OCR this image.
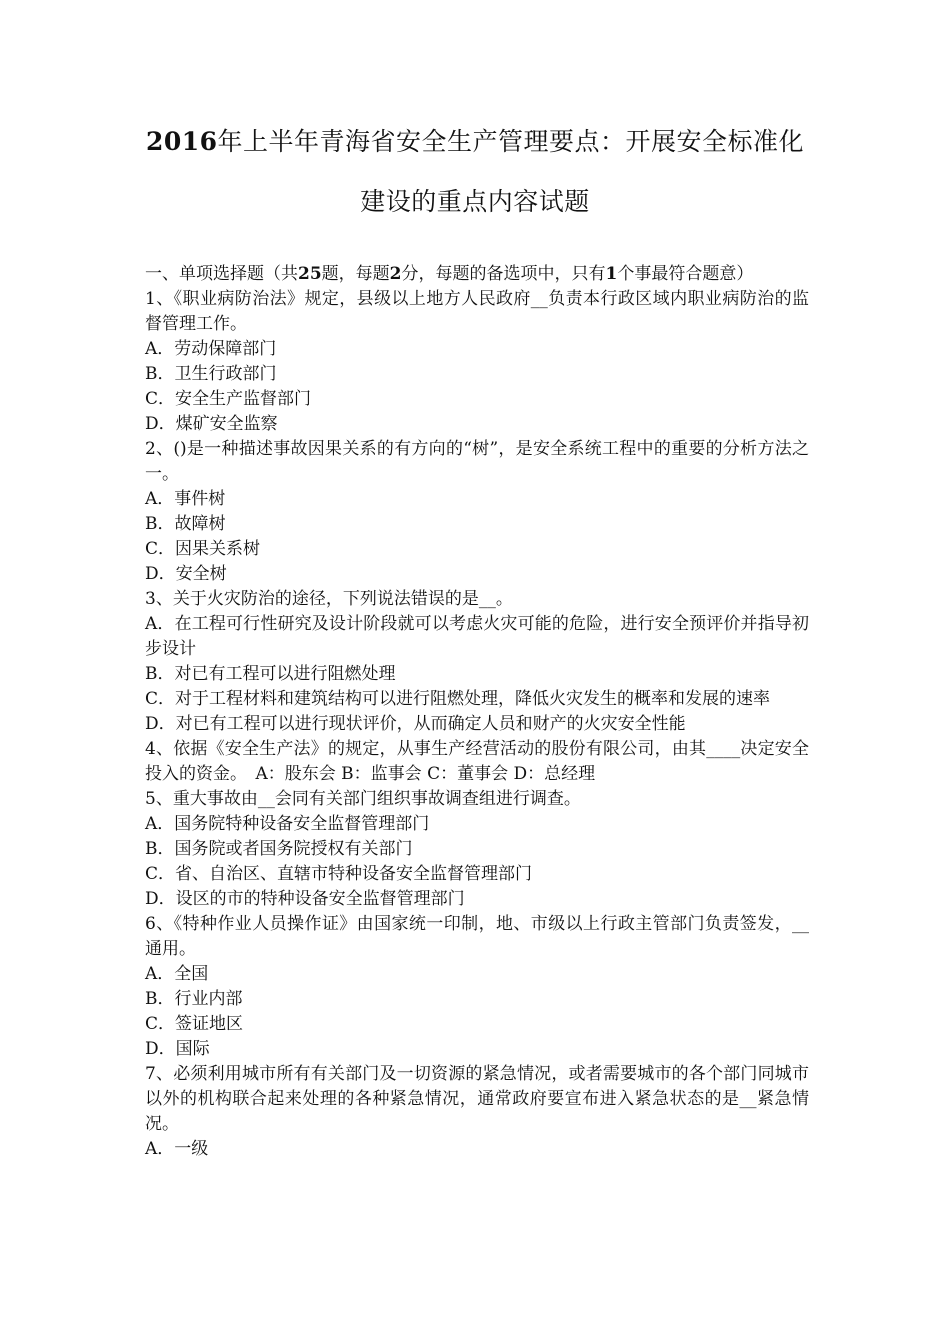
2016年上半年青海省安全生产管理要点：开展安全标准化
建设的重点内容试题

一、单项选择题（共25题，每题2分，每题的备选项中，只有1个事最符合题意）

1、《职业病防治法》规定，县级以上地方人民政府__负责本行政区域内职业病防治的监督管理工作。

A．劳动保障部门

B．卫生行政部门

C．安全生产监督部门

D．煤矿安全监察

2、()是一种描述事故因果关系的有方向的“树”，是安全系统工程中的重要的分析方法之一。

A．事件树

B．故障树

C．因果关系树

D．安全树

3、关于火灾防治的途径，下列说法错误的是__。

A．在工程可行性研究及设计阶段就可以考虑火灾可能的危险，进行安全预评价并指导初步设计

B．对已有工程可以进行阻燃处理

C．对于工程材料和建筑结构可以进行阻燃处理，降低火灾发生的概率和发展的速率

D．对已有工程可以进行现状评价，从而确定人员和财产的火灾安全性能

4、依据《安全生产法》的规定，从事生产经营活动的股份有限公司，由其____决定安全投入的资金。　A：股东会 B：监事会 C：董事会 D：总经理

5、重大事故由__会同有关部门组织事故调查组进行调查。

A．国务院特种设备安全监督管理部门

B．国务院或者国务院授权有关部门

C．省、自治区、直辖市特种设备安全监督管理部门

D．设区的市的特种设备安全监督管理部门

6、《特种作业人员操作证》由国家统一印制，地、市级以上行政主管部门负责签发，__通用。

A．全国

B．行业内部

C．签证地区

D．国际

7、必须利用城市所有有关部门及一切资源的紧急情况，或者需要城市的各个部门同城市以外的机构联合起来处理的各种紧急情况，通常政府要宣布进入紧急状态的是__紧急情况。

A．一级
